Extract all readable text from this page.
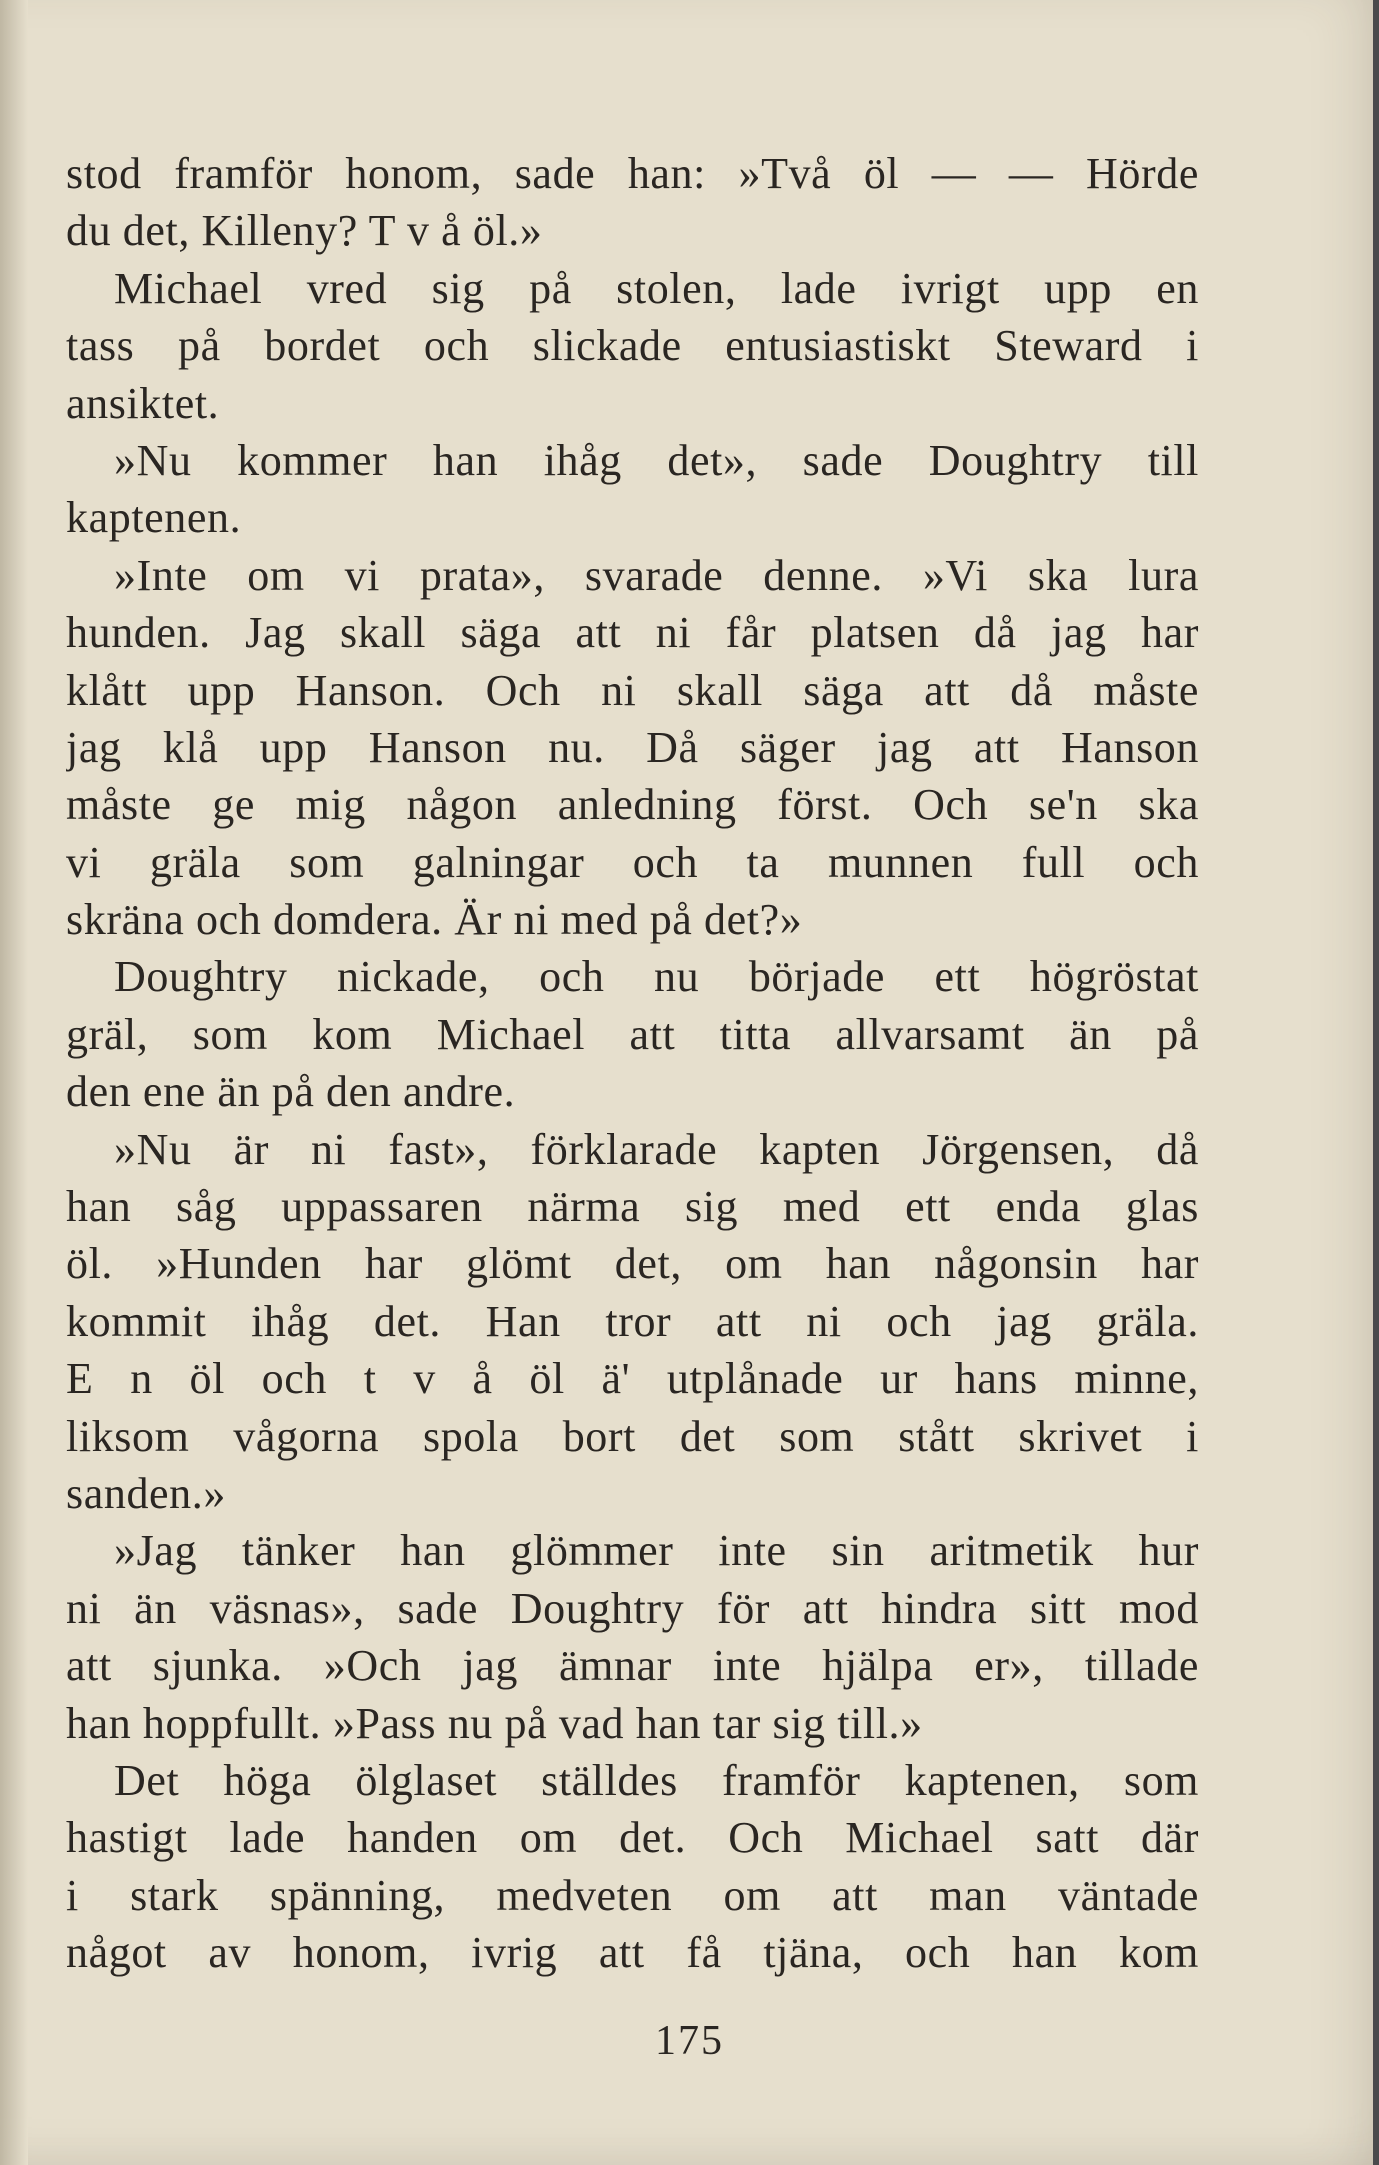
stod framför honom, sade han: »Två öl — — Hörde
du det, Killeny? T v å öl.»
Michael vred sig på stolen, lade ivrigt upp en
tass på bordet och slickade entusiastiskt Steward i
ansiktet.
»Nu kommer han ihåg det», sade Doughtry till
kaptenen.
»Inte om vi prata», svarade denne. »Vi ska lura
hunden. Jag skall säga att ni får platsen då jag har
klått upp Hanson. Och ni skall säga att då måste
jag klå upp Hanson nu. Då säger jag att Hanson
måste ge mig någon anledning först. Och se'n ska
vi gräla som galningar och ta munnen full och
skräna och domdera. Är ni med på det?»
Doughtry nickade, och nu började ett högröstat
gräl, som kom Michael att titta allvarsamt än på
den ene än på den andre.
»Nu är ni fast», förklarade kapten Jörgensen, då
han såg uppassaren närma sig med ett enda glas
öl. »Hunden har glömt det, om han någonsin har
kommit ihåg det. Han tror att ni och jag gräla.
E n öl och t v å öl ä' utplånade ur hans minne,
liksom vågorna spola bort det som stått skrivet i
sanden.»
»Jag tänker han glömmer inte sin aritmetik hur
ni än väsnas», sade Doughtry för att hindra sitt mod
att sjunka. »Och jag ämnar inte hjälpa er», tillade
han hoppfullt. »Pass nu på vad han tar sig till.»
Det höga ölglaset ställdes framför kaptenen, som
hastigt lade handen om det. Och Michael satt där
i stark spänning, medveten om att man väntade
något av honom, ivrig att få tjäna, och han kom
175
